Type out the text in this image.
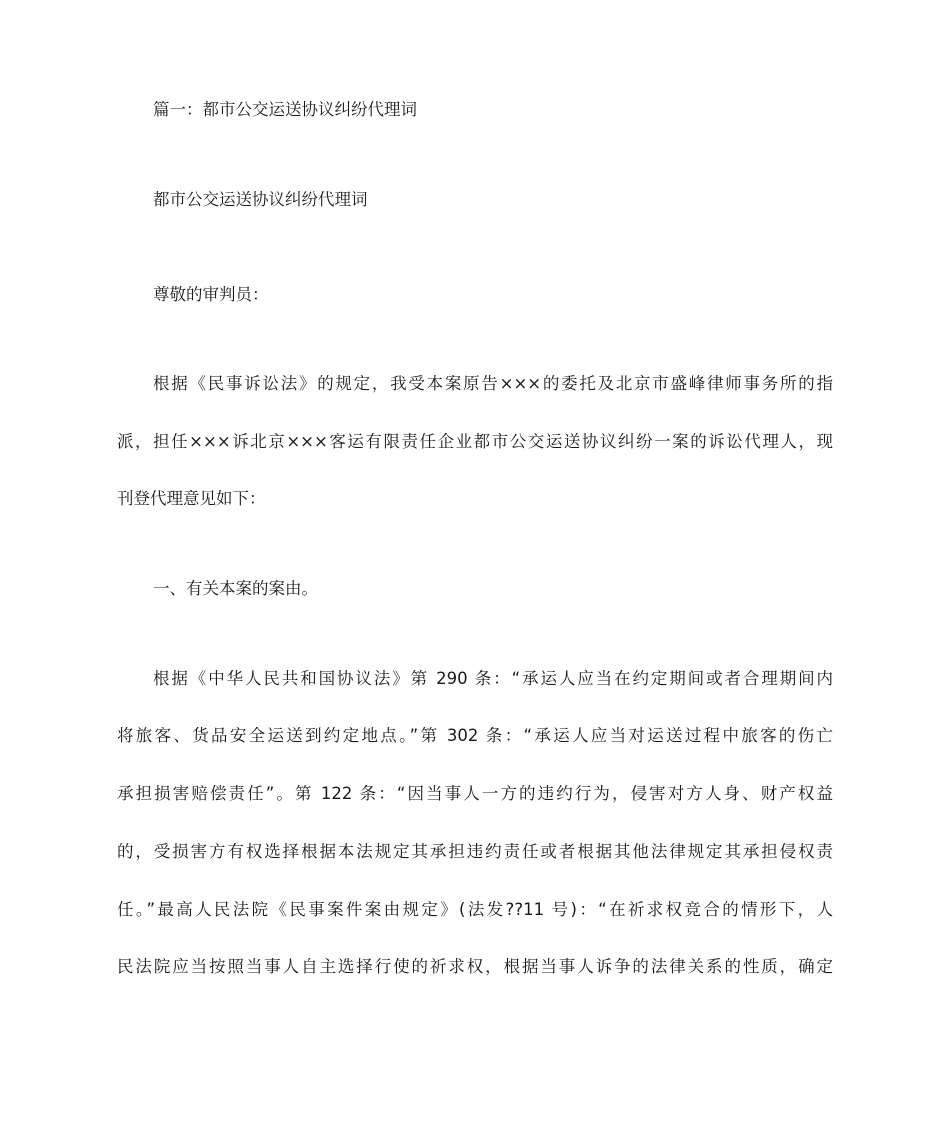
篇一：都市公交运送协议纠纷代理词
都市公交运送协议纠纷代理词
尊敬的审判员：
根据《民事诉讼法》的规定，我受本案原告×××的委托及北京市盛峰律师事务所的指
派，担任×××诉北京×××客运有限责任企业都市公交运送协议纠纷一案的诉讼代理人，现
刊登代理意见如下：
一、有关本案的案由。
根据《中华人民共和国协议法》第 290 条：“承运人应当在约定期间或者合理期间内
将旅客、货品安全运送到约定地点。”第 302 条：“承运人应当对运送过程中旅客的伤亡
承担损害赔偿责任”。第 122 条：“因当事人一方的违约行为，侵害对方人身、财产权益
的，受损害方有权选择根据本法规定其承担违约责任或者根据其他法律规定其承担侵权责
任。”最高人民法院《民事案件案由规定》(法发??11 号)：“在祈求权竞合的情形下，人
民法院应当按照当事人自主选择行使的祈求权，根据当事人诉争的法律关系的性质，确定
